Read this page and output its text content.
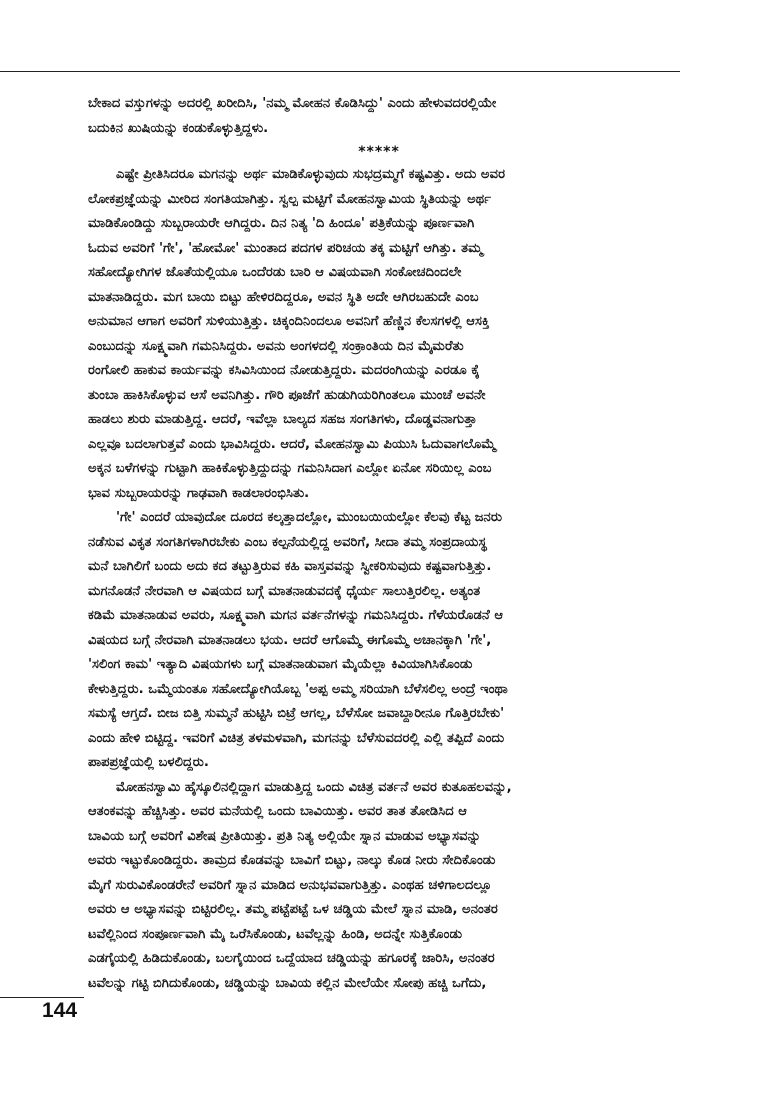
ಬೇಕಾದ ವಸ್ತುಗಳನ್ನು ಅದರಲ್ಲಿ ಖರೀದಿಸಿ, 'ನಮ್ಮ ಮೋಹನ ಕೊಡಿಸಿದ್ದು' ಎಂದು ಹೇಳುವದರಲ್ಲಿಯೇ
ಬದುಕಿನ ಖುಷಿಯನ್ನು ಕಂಡುಕೊಳ್ಳುತ್ತಿದ್ದಳು.
*****
ಎಷ್ಟೇ ಪ್ರೀತಿಸಿದರೂ ಮಗನನ್ನು ಅರ್ಥ ಮಾಡಿಕೊಳ್ಳುವುದು ಸುಭದ್ರಮ್ಮಗೆ ಕಷ್ಟವಿತ್ತು. ಅದು ಅವರ
ಲೋಕಪ್ರಜ್ಞೆಯನ್ನು ಮೀರಿದ ಸಂಗತಿಯಾಗಿತ್ತು. ಸ್ವಲ್ಪ ಮಟ್ಟಿಗೆ ಮೋಹನಸ್ವಾಮಿಯ ಸ್ಥಿತಿಯನ್ನು ಅರ್ಥ
ಮಾಡಿಕೊಂಡಿದ್ದು ಸುಬ್ಬರಾಯರೇ ಆಗಿದ್ದರು. ದಿನ ನಿತ್ಯ 'ದಿ ಹಿಂದೂ' ಪತ್ರಿಕೆಯನ್ನು ಪೂರ್ಣವಾಗಿ
ಓದುವ ಅವರಿಗೆ 'ಗೇ', 'ಹೋಮೋ' ಮುಂತಾದ ಪದಗಳ ಪರಿಚಯ ತಕ್ಕ ಮಟ್ಟಿಗೆ ಆಗಿತ್ತು. ತಮ್ಮ
ಸಹೋದ್ಯೋಗಿಗಳ ಜೊತೆಯಲ್ಲಿಯೂ ಒಂದೆರಡು ಬಾರಿ ಆ ವಿಷಯವಾಗಿ ಸಂಕೋಚದಿಂದಲೇ
ಮಾತನಾಡಿದ್ದರು. ಮಗ ಬಾಯಿ ಬಿಟ್ಟು ಹೇಳಿರದಿದ್ದರೂ, ಅವನ ಸ್ಥಿತಿ ಅದೇ ಆಗಿರಬಹುದೇ ಎಂಬ
ಅನುಮಾನ ಆಗಾಗ ಅವರಿಗೆ ಸುಳಿಯುತ್ತಿತ್ತು. ಚಿಕ್ಕಂದಿನಿಂದಲೂ ಅವನಿಗೆ ಹೆಣ್ಣಿನ ಕೆಲಸಗಳಲ್ಲಿ ಆಸಕ್ತಿ
ಎಂಬುದನ್ನು ಸೂಕ್ಷ್ಮವಾಗಿ ಗಮನಿಸಿದ್ದರು. ಅವನು ಅಂಗಳದಲ್ಲಿ ಸಂಕ್ರಾಂತಿಯ ದಿನ ಮೈಮರೆತು
ರಂಗೋಲಿ ಹಾಕುವ ಕಾರ್ಯವನ್ನು ಕಸಿವಿಸಿಯಿಂದ ನೋಡುತ್ತಿದ್ದರು. ಮದರಂಗಿಯನ್ನು ಎರಡೂ ಕೈ
ತುಂಬಾ ಹಾಕಿಸಿಕೊಳ್ಳುವ ಆಸೆ ಅವನಿಗಿತ್ತು. ಗೌರಿ ಪೂಜೆಗೆ ಹುಡುಗಿಯರಿಗಿಂತಲೂ ಮುಂಚೆ ಅವನೇ
ಹಾಡಲು ಶುರು ಮಾಡುತ್ತಿದ್ದ. ಆದರೆ, ಇವೆಲ್ಲಾ ಬಾಲ್ಯದ ಸಹಜ ಸಂಗತಿಗಳು, ದೊಡ್ಡವನಾಗುತ್ತಾ
ಎಲ್ಲವೂ ಬದಲಾಗುತ್ತವೆ ಎಂದು ಭಾವಿಸಿದ್ದರು. ಆದರೆ, ಮೋಹನಸ್ವಾಮಿ ಪಿಯುಸಿ ಓದುವಾಗಲೊಮ್ಮೆ
ಅಕ್ಕನ ಬಳೆಗಳನ್ನು ಗುಟ್ಟಾಗಿ ಹಾಕಿಕೊಳ್ಳುತ್ತಿದ್ದುದನ್ನು ಗಮನಿಸಿದಾಗ ಎಲ್ಲೋ ಏನೋ ಸರಿಯಿಲ್ಲ ಎಂಬ
ಭಾವ ಸುಬ್ಬರಾಯರನ್ನು ಗಾಢವಾಗಿ ಕಾಡಲಾರಂಭಿಸಿತು.
'ಗೇ' ಎಂದರೆ ಯಾವುದೋ ದೂರದ ಕಲ್ಕತ್ತಾದಲ್ಲೋ, ಮುಂಬಯಿಯಲ್ಲೋ ಕೆಲವು ಕೆಟ್ಟ ಜನರು
ನಡೆಸುವ ವಿಕೃತ ಸಂಗತಿಗಳಾಗಿರಬೇಕು ಎಂಬ ಕಲ್ಪನೆಯಲ್ಲಿದ್ದ ಅವರಿಗೆ, ಸೀದಾ ತಮ್ಮ ಸಂಪ್ರದಾಯಸ್ಥ
ಮನೆ ಬಾಗಿಲಿಗೆ ಬಂದು ಅದು ಕದ ತಟ್ಟುತ್ತಿರುವ ಕಹಿ ವಾಸ್ತವವನ್ನು ಸ್ವೀಕರಿಸುವುದು ಕಷ್ಟವಾಗುತ್ತಿತ್ತು.
ಮಗನೊಡನೆ ನೇರವಾಗಿ ಆ ವಿಷಯದ ಬಗ್ಗೆ ಮಾತನಾಡುವದಕ್ಕೆ ಧೈರ್ಯ ಸಾಲುತ್ತಿರಲಿಲ್ಲ. ಅತ್ಯಂತ
ಕಡಿಮೆ ಮಾತನಾಡುವ ಅವರು, ಸೂಕ್ಷ್ಮವಾಗಿ ಮಗನ ವರ್ತನೆಗಳನ್ನು ಗಮನಿಸಿದ್ದರು. ಗೆಳೆಯರೊಡನೆ ಆ
ವಿಷಯದ ಬಗ್ಗೆ ನೇರವಾಗಿ ಮಾತನಾಡಲು ಭಯ. ಆದರೆ ಆಗೊಮ್ಮೆ ಈಗೊಮ್ಮೆ ಅಚಾನಕ್ಕಾಗಿ 'ಗೇ',
'ಸಲಿಂಗ ಕಾಮ' ಇತ್ಯಾದಿ ವಿಷಯಗಳು ಬಗ್ಗೆ ಮಾತನಾಡುವಾಗ ಮೈಯೆಲ್ಲಾ ಕಿವಿಯಾಗಿಸಿಕೊಂಡು
ಕೇಳುತ್ತಿದ್ದರು. ಒಮ್ಮೆಯಂತೂ ಸಹೋದ್ಯೋಗಿಯೊಬ್ಬ 'ಅಪ್ಪ ಅಮ್ಮ ಸರಿಯಾಗಿ ಬೆಳೆಸಲಿಲ್ಲ ಅಂದ್ರೆ ಇಂಥಾ
ಸಮಸ್ಯೆ ಆಗ್ತದೆ. ಬೀಜ ಬಿತ್ತಿ ಸುಮ್ಮನೆ ಹುಟ್ಟಿಸಿ ಬಿಟ್ರೆ ಆಗಲ್ಲ, ಬೆಳೆಸೋ ಜವಾಬ್ದಾರೀನೂ ಗೊತ್ತಿರಬೇಕು'
ಎಂದು ಹೇಳಿ ಬಿಟ್ಟಿದ್ದ. ಇವರಿಗೆ ವಿಚಿತ್ರ ತಳಮಳವಾಗಿ, ಮಗನನ್ನು ಬೆಳೆಸುವದರಲ್ಲಿ ಎಲ್ಲಿ ತಪ್ಪಿದೆ ಎಂದು
ಪಾಪಪ್ರಜ್ಞೆಯಲ್ಲಿ ಬಳಲಿದ್ದರು.
ಮೋಹನಸ್ವಾಮಿ ಹೈಸ್ಕೂಲಿನಲ್ಲಿದ್ದಾಗ ಮಾಡುತ್ತಿದ್ದ ಒಂದು ವಿಚಿತ್ರ ವರ್ತನೆ ಅವರ ಕುತೂಹಲವನ್ನು,
ಆತಂಕವನ್ನು ಹೆಚ್ಚಿಸಿತ್ತು. ಅವರ ಮನೆಯಲ್ಲಿ ಒಂದು ಬಾವಿಯಿತ್ತು. ಅವರ ತಾತ ತೋಡಿಸಿದ ಆ
ಬಾವಿಯ ಬಗ್ಗೆ ಅವರಿಗೆ ವಿಶೇಷ ಪ್ರೀತಿಯಿತ್ತು. ಪ್ರತಿ ನಿತ್ಯ ಅಲ್ಲಿಯೇ ಸ್ನಾನ ಮಾಡುವ ಅಭ್ಯಾಸವನ್ನು
ಅವರು ಇಟ್ಟುಕೊಂಡಿದ್ದರು. ತಾಮ್ರದ ಕೊಡವನ್ನು ಬಾವಿಗೆ ಬಿಟ್ಟು, ನಾಲ್ಕು ಕೊಡ ನೀರು ಸೇದಿಕೊಂಡು
ಮೈಗೆ ಸುರುವಿಕೊಂಡರೇನೆ ಅವರಿಗೆ ಸ್ನಾನ ಮಾಡಿದ ಅನುಭವವಾಗುತ್ತಿತ್ತು. ಎಂಥಹ ಚಳಿಗಾಲದಲ್ಲೂ
ಅವರು ಆ ಅಭ್ಯಾಸವನ್ನು ಬಿಟ್ಟಿರಲಿಲ್ಲ. ತಮ್ಮ ಪಟ್ಟೆಪಟ್ಟೆ ಒಳ ಚಡ್ಡಿಯ ಮೇಲೆ ಸ್ನಾನ ಮಾಡಿ, ಅನಂತರ
ಟವೆಲ್ಲಿನಿಂದ ಸಂಪೂರ್ಣವಾಗಿ ಮೈ ಒರೆಸಿಕೊಂಡು, ಟವೆಲ್ಲನ್ನು ಹಿಂಡಿ, ಅದನ್ನೇ ಸುತ್ತಿಕೊಂಡು
ಎಡಗೈಯಲ್ಲಿ ಹಿಡಿದುಕೊಂಡು, ಬಲಗೈಯಿಂದ ಒದ್ದೆಯಾದ ಚಡ್ಡಿಯನ್ನು ಹಗೂರಕ್ಕೆ ಜಾರಿಸಿ, ಅನಂತರ
ಟವೆಲನ್ನು ಗಟ್ಟಿ ಬಿಗಿದುಕೊಂಡು, ಚಡ್ಡಿಯನ್ನು ಬಾವಿಯ ಕಲ್ಲಿನ ಮೇಲೆಯೇ ಸೋಪು ಹಚ್ಚಿ ಒಗೆದು,
144
